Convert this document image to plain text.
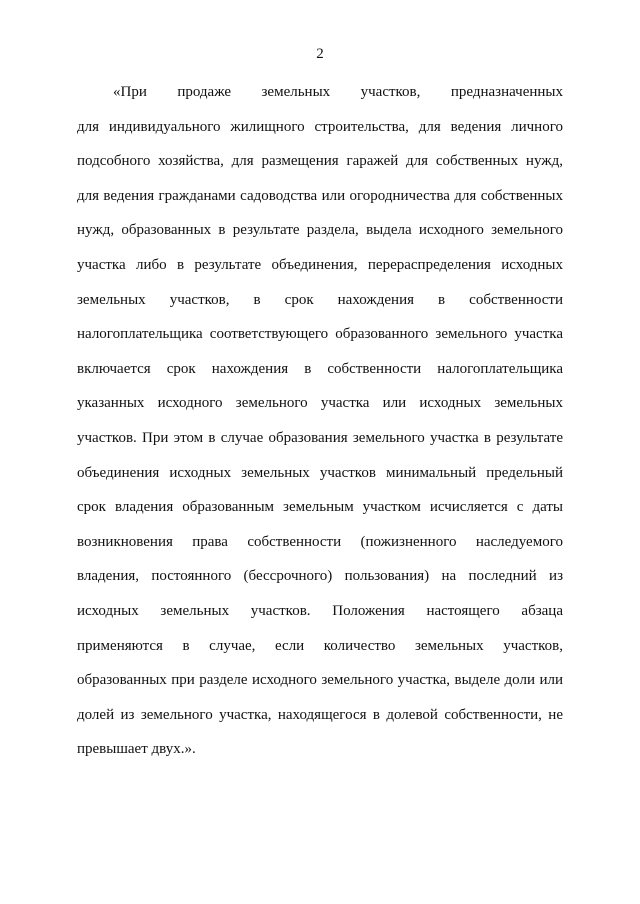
2
«При продаже земельных участков, предназначенных
для индивидуального жилищного строительства, для ведения личного
подсобного хозяйства, для размещения гаражей для собственных нужд,
для ведения гражданами садоводства или огородничества для собственных
нужд, образованных в результате раздела, выдела исходного земельного
участка либо в результате объединения, перераспределения исходных
земельных участков, в срок нахождения в собственности
налогоплательщика соответствующего образованного земельного участка
включается срок нахождения в собственности налогоплательщика
указанных исходного земельного участка или исходных земельных
участков. При этом в случае образования земельного участка в результате
объединения исходных земельных участков минимальный предельный
срок владения образованным земельным участком исчисляется с даты
возникновения права собственности (пожизненного наследуемого
владения, постоянного (бессрочного) пользования) на последний из
исходных земельных участков. Положения настоящего абзаца
применяются в случае, если количество земельных участков,
образованных при разделе исходного земельного участка, выделе доли или
долей из земельного участка, находящегося в долевой собственности, не
превышает двух.».
